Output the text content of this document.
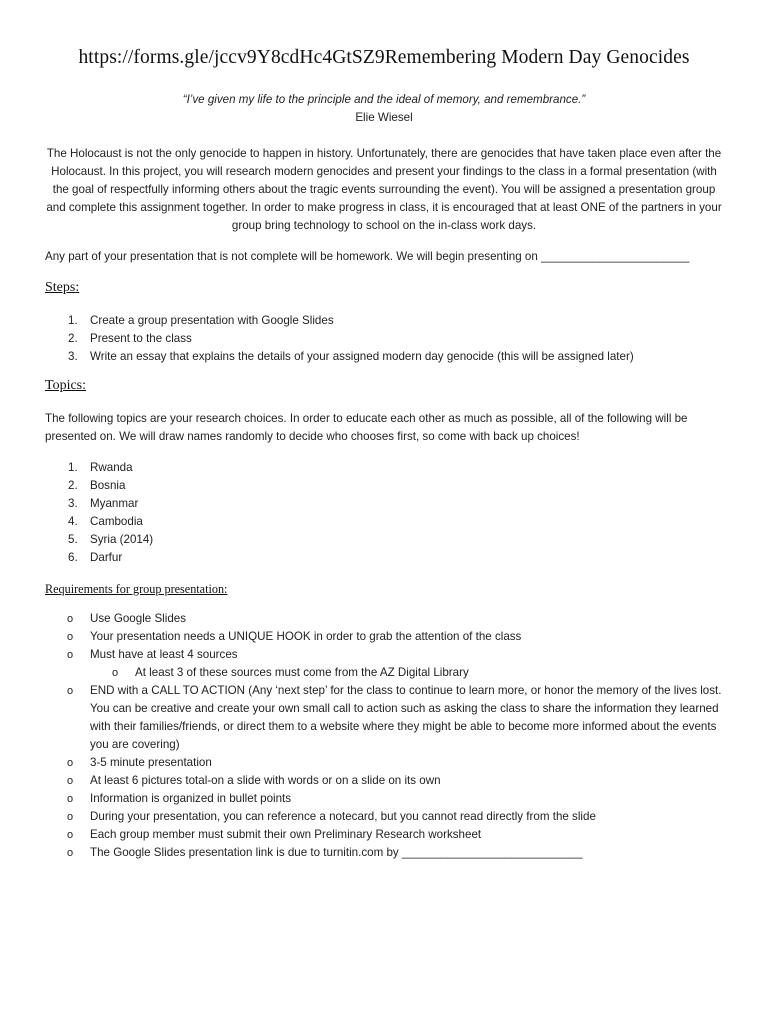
https://forms.gle/jccv9Y8cdHc4GtSZ9Remembering Modern Day Genocides
“I’ve given my life to the principle and the ideal of memory, and remembrance.”
Elie Wiesel
The Holocaust is not the only genocide to happen in history. Unfortunately, there are genocides that have taken place even after the Holocaust. In this project, you will research modern genocides and present your findings to the class in a formal presentation (with the goal of respectfully informing others about the tragic events surrounding the event). You will be assigned a presentation group and complete this assignment together. In order to make progress in class, it is encouraged that at least ONE of the partners in your group bring technology to school on the in-class work days.
Any part of your presentation that is not complete will be homework. We will begin presenting on _______________________
Steps:
1. Create a group presentation with Google Slides
2. Present to the class
3. Write an essay that explains the details of your assigned modern day genocide (this will be assigned later)
Topics:
The following topics are your research choices. In order to educate each other as much as possible, all of the following will be presented on. We will draw names randomly to decide who chooses first, so come with back up choices!
1. Rwanda
2. Bosnia
3. Myanmar
4. Cambodia
5. Syria (2014)
6. Darfur
Requirements for group presentation:
o Use Google Slides
o Your presentation needs a UNIQUE HOOK in order to grab the attention of the class
o Must have at least 4 sources
o At least 3 of these sources must come from the AZ Digital Library
o END with a CALL TO ACTION (Any ‘next step’ for the class to continue to learn more, or honor the memory of the lives lost. You can be creative and create your own small call to action such as asking the class to share the information they learned with their families/friends, or direct them to a website where they might be able to become more informed about the events you are covering)
o 3-5 minute presentation
o At least 6 pictures total-on a slide with words or on a slide on its own
o Information is organized in bullet points
o During your presentation, you can reference a notecard, but you cannot read directly from the slide
o Each group member must submit their own Preliminary Research worksheet
o The Google Slides presentation link is due to turnitin.com by ____________________________
